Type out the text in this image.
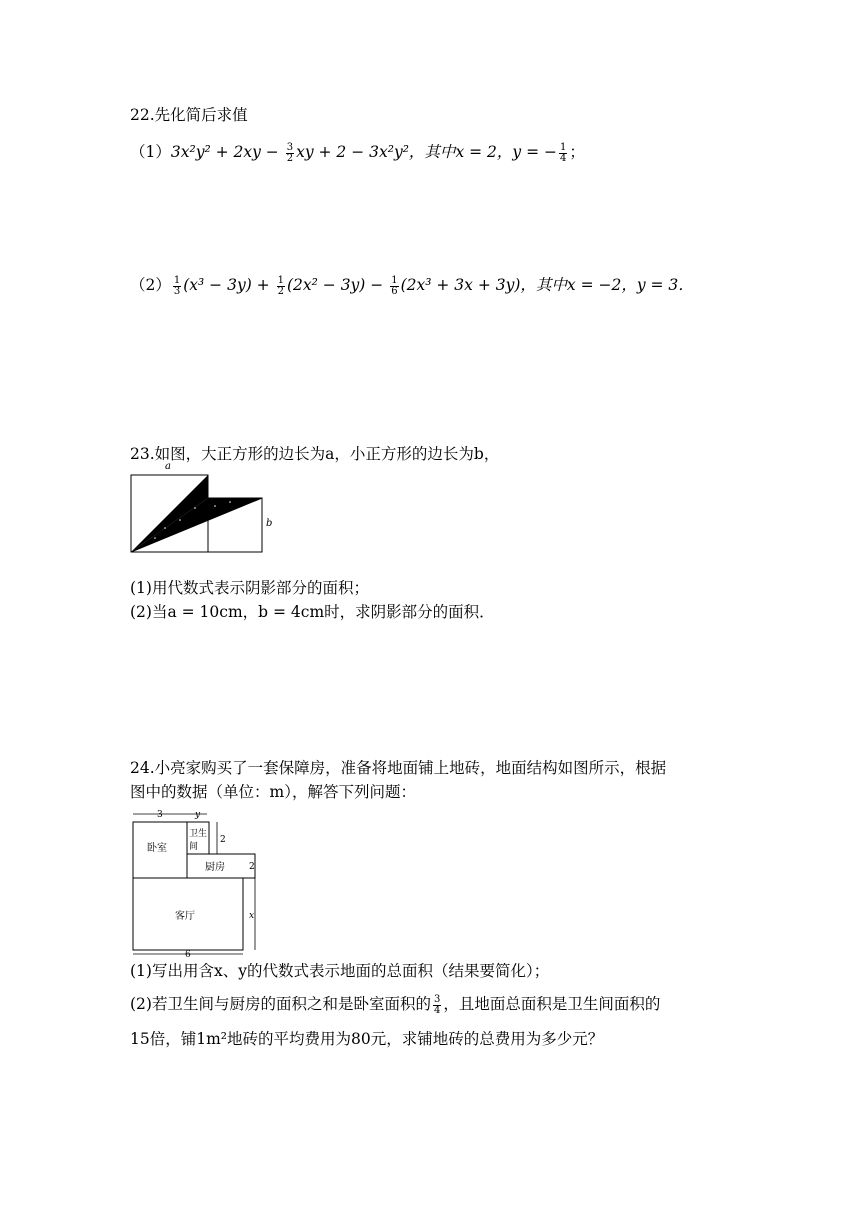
22.先化简后求值
$(1)3x^2y^2 + 2xy - \frac{3}{2}$ xy + 2 − 3x²y²，其中x = 2，y = − $\frac{1}{4}$ ；
$(2) \frac{1}{3} (x^3 - 3y) + \frac{1}{2} (2x^2 - 3y) - \frac{1}{6} (2x^3 + 3x + 3y)$，其中x = −2，y = 3．
23.如图，大正方形的边长为a，小正方形的边长为b，
a
b
(1)用代数式表示阴影部分的面积；
(2)当a = 10cm，b = 4cm时，求阴影部分的面积．
24.小亮家购买了一套保障房，准备将地面铺上地砖，地面结构如图所示，根据
图中的数据（单位：m），解答下列问题：
3	y
卧室
卫生
间
厨房
客厅
2
2
x
6
(1)写出用含x、y的代数式表示地面的总面积（结果要简化）；
(2)若卫生间与厨房的面积之和是卧室面积的 $\frac{3}{4}$ ，且地面总面积是卫生间面积的
15倍，铺1m²地砖的平均费用为80元，求铺地砖的总费用为多少元？
